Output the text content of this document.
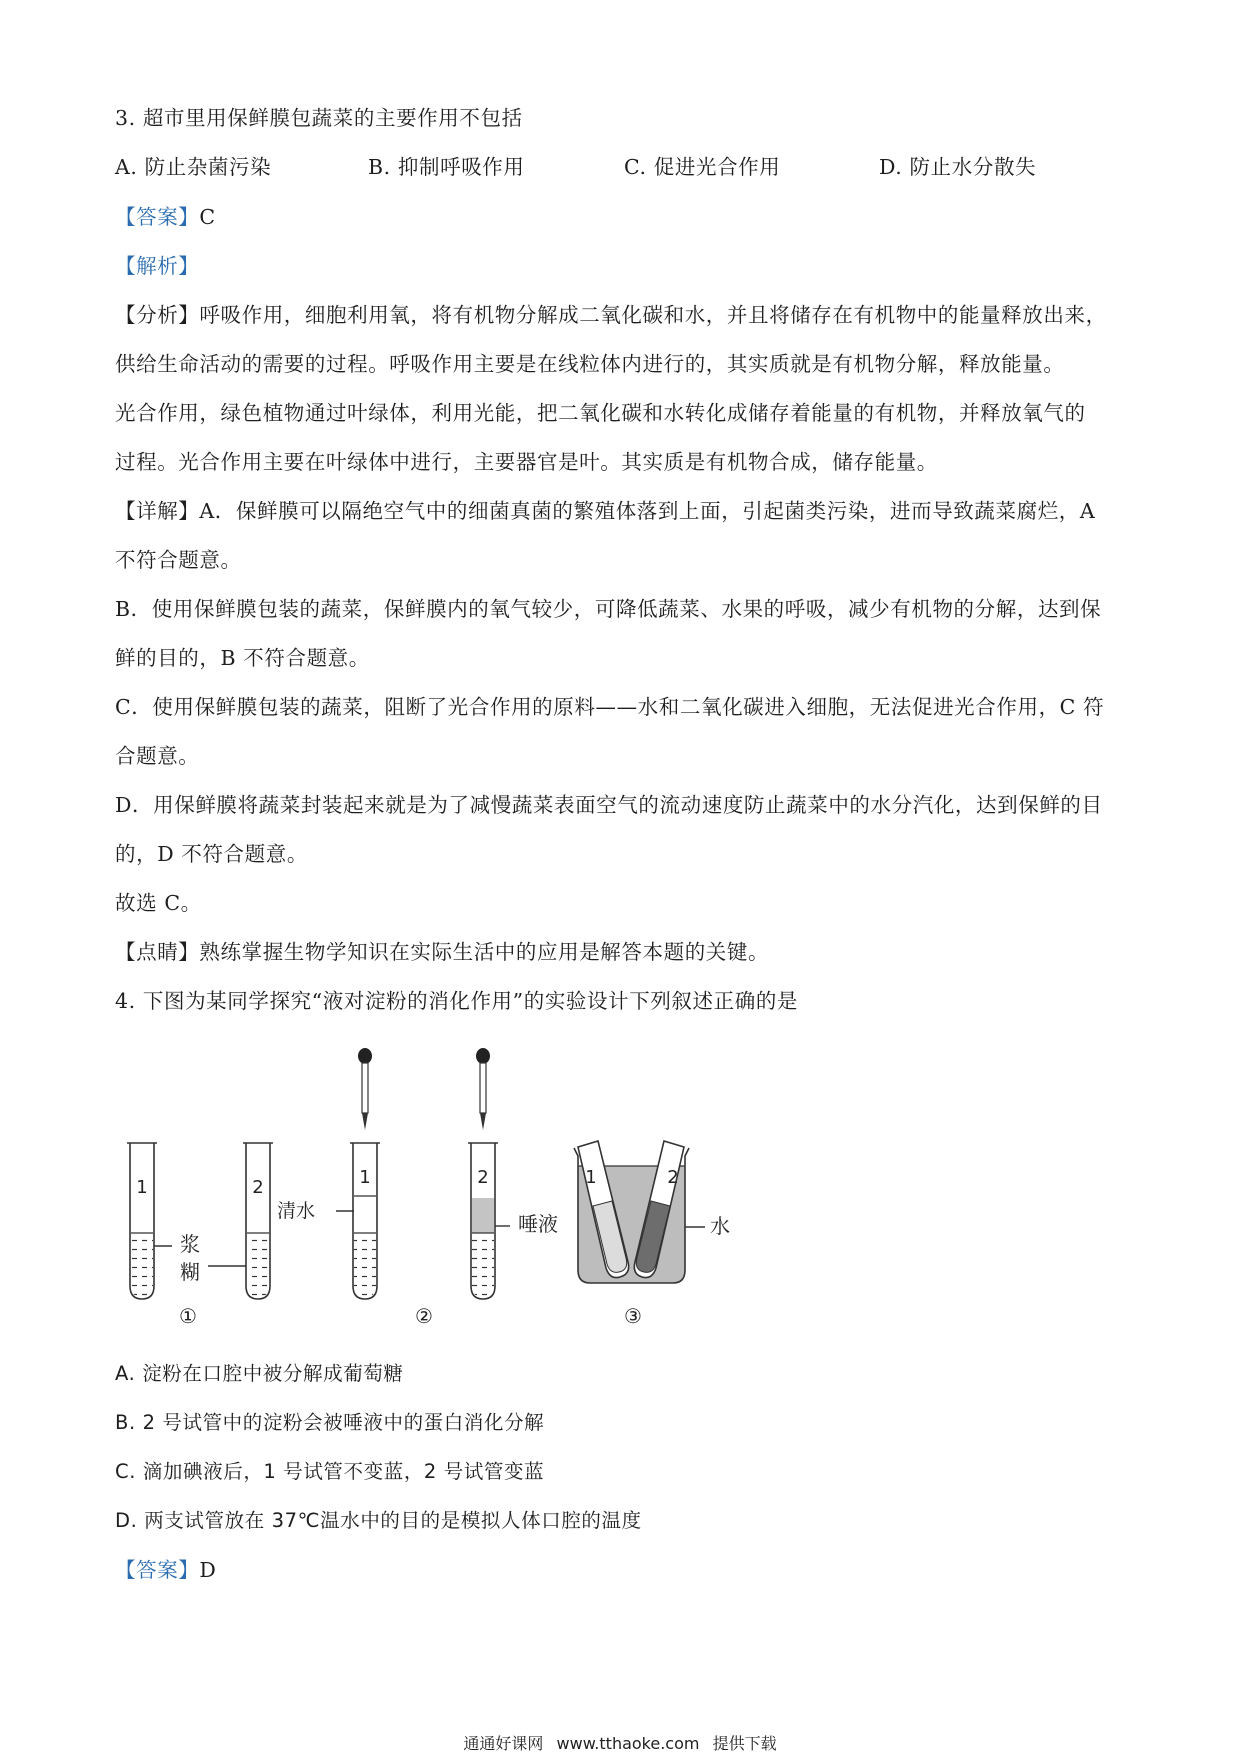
3. 超市里用保鲜膜包蔬菜的主要作用不包括
A. 防止杂菌污染	B. 抑制呼吸作用	C. 促进光合作用	D. 防止水分散失
【答案】C
【解析】
【分析】呼吸作用，细胞利用氧，将有机物分解成二氧化碳和水，并且将储存在有机物中的能量释放出来，
供给生命活动的需要的过程。呼吸作用主要是在线粒体内进行的，其实质就是有机物分解，释放能量。
光合作用，绿色植物通过叶绿体，利用光能，把二氧化碳和水转化成储存着能量的有机物，并释放氧气的
过程。光合作用主要在叶绿体中进行，主要器官是叶。其实质是有机物合成，储存能量。
【详解】A．保鲜膜可以隔绝空气中的细菌真菌的繁殖体落到上面，引起菌类污染，进而导致蔬菜腐烂，A
不符合题意。
B．使用保鲜膜包装的蔬菜，保鲜膜内的氧气较少，可降低蔬菜、水果的呼吸，减少有机物的分解，达到保
鲜的目的，B 不符合题意。
C．使用保鲜膜包装的蔬菜，阻断了光合作用的原料——水和二氧化碳进入细胞，无法促进光合作用，C 符
合题意。
D．用保鲜膜将蔬菜封装起来就是为了减慢蔬菜表面空气的流动速度防止蔬菜中的水分汽化，达到保鲜的目
的，D 不符合题意。
故选 C。
【点睛】熟练掌握生物学知识在实际生活中的应用是解答本题的关键。
4. 下图为某同学探究“液对淀粉的消化作用”的实验设计下列叙述正确的是
1	2
浆
糊
①
1
清水
2
唾液
②
1	2
水
③
A. 淀粉在口腔中被分解成葡萄糖
B. 2 号试管中的淀粉会被唾液中的蛋白消化分解
C. 滴加碘液后，1 号试管不变蓝，2 号试管变蓝
D. 两支试管放在 37℃温水中的目的是模拟人体口腔的温度
【答案】D
通通好课网 www.tthaoke.com 提供下载
